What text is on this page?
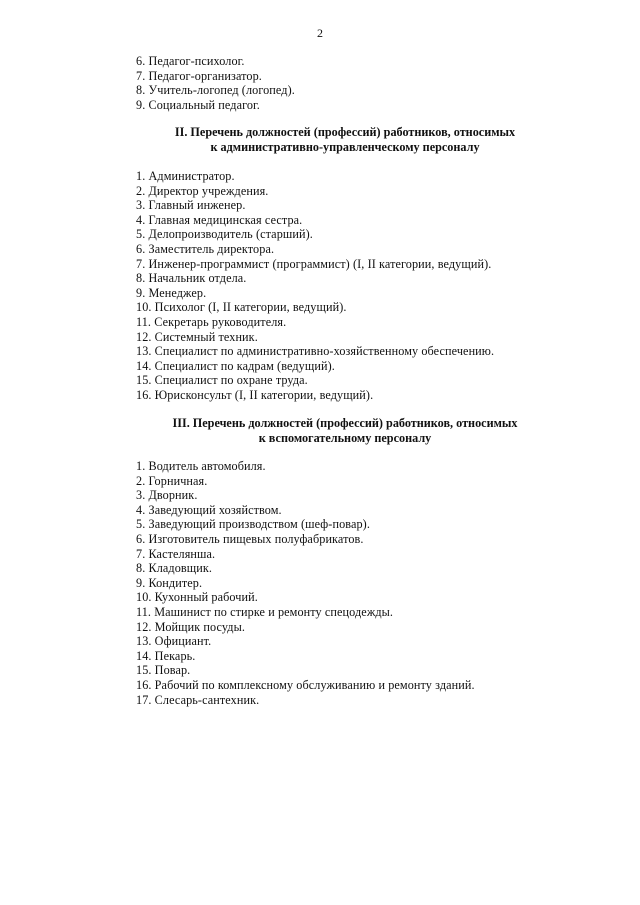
2
6. Педагог-психолог.
7. Педагог-организатор.
8. Учитель-логопед (логопед).
9. Социальный педагог.
II. Перечень должностей (профессий) работников, относимых
к административно-управленческому персоналу
1. Администратор.
2. Директор учреждения.
3. Главный инженер.
4. Главная медицинская сестра.
5. Делопроизводитель (старший).
6. Заместитель директора.
7. Инженер-программист (программист) (I, II категории, ведущий).
8. Начальник отдела.
9. Менеджер.
10. Психолог (I, II категории, ведущий).
11. Секретарь руководителя.
12. Системный техник.
13. Специалист по административно-хозяйственному обеспечению.
14. Специалист по кадрам (ведущий).
15. Специалист по охране труда.
16. Юрисконсульт (I, II категории, ведущий).
III. Перечень должностей (профессий) работников, относимых
к вспомогательному персоналу
1. Водитель автомобиля.
2. Горничная.
3. Дворник.
4. Заведующий хозяйством.
5. Заведующий производством (шеф-повар).
6. Изготовитель пищевых полуфабрикатов.
7. Кастелянша.
8. Кладовщик.
9. Кондитер.
10. Кухонный рабочий.
11. Машинист по стирке и ремонту спецодежды.
12. Мойщик посуды.
13. Официант.
14. Пекарь.
15. Повар.
16. Рабочий по комплексному обслуживанию и ремонту зданий.
17. Слесарь-сантехник.
